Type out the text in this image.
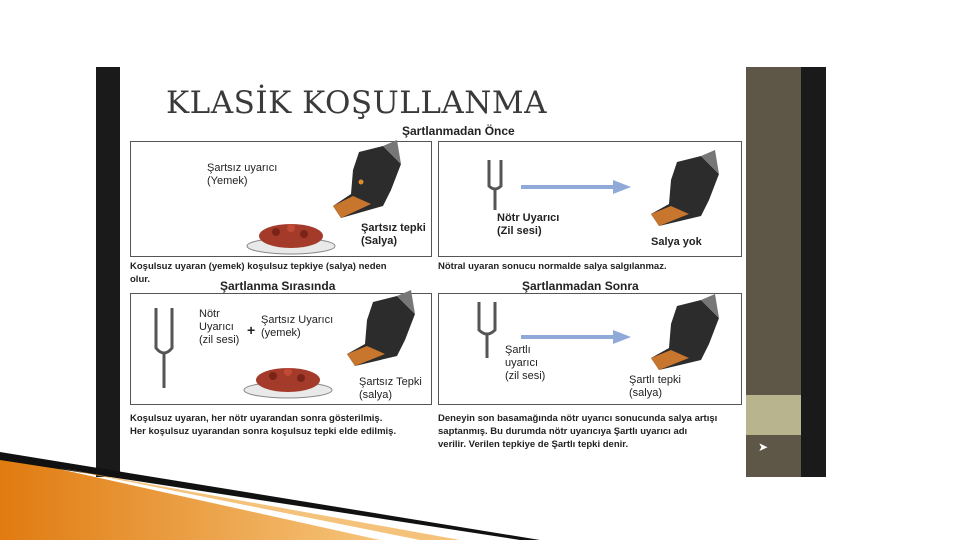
KLASİK KOŞULLANMA
Şartlanmadan Önce
Şartsız uyarıcı
(Yemek)
Şartsız tepki
(Salya)
Nötr Uyarıcı
(Zil sesi)
Salya yok
Koşulsuz uyaran (yemek) koşulsuz tepkiye (salya) neden
olur.
Nötral uyaran sonucu normalde salya salgılanmaz.
Şartlanma Sırasında	Şartlanmadan Sonra
Nötr
Uyarıcı
(zil sesi)
+
Şartsız Uyarıcı
(yemek)
Şartsız Tepki
(salya)
Şartlı
uyarıcı
(zil sesi)	Şartlı tepki
(salya)
Koşulsuz uyaran, her nötr uyarandan sonra gösterilmiş.
Her koşulsuz uyarandan sonra koşulsuz tepki elde edilmiş.
Deneyin son basamağında nötr uyarıcı sonucunda salya artışı
saptanmış. Bu durumda nötr uyarıcıya Şartlı uyarıcı adı
verilir. Verilen tepkiye de Şartlı tepki denir.	➤
